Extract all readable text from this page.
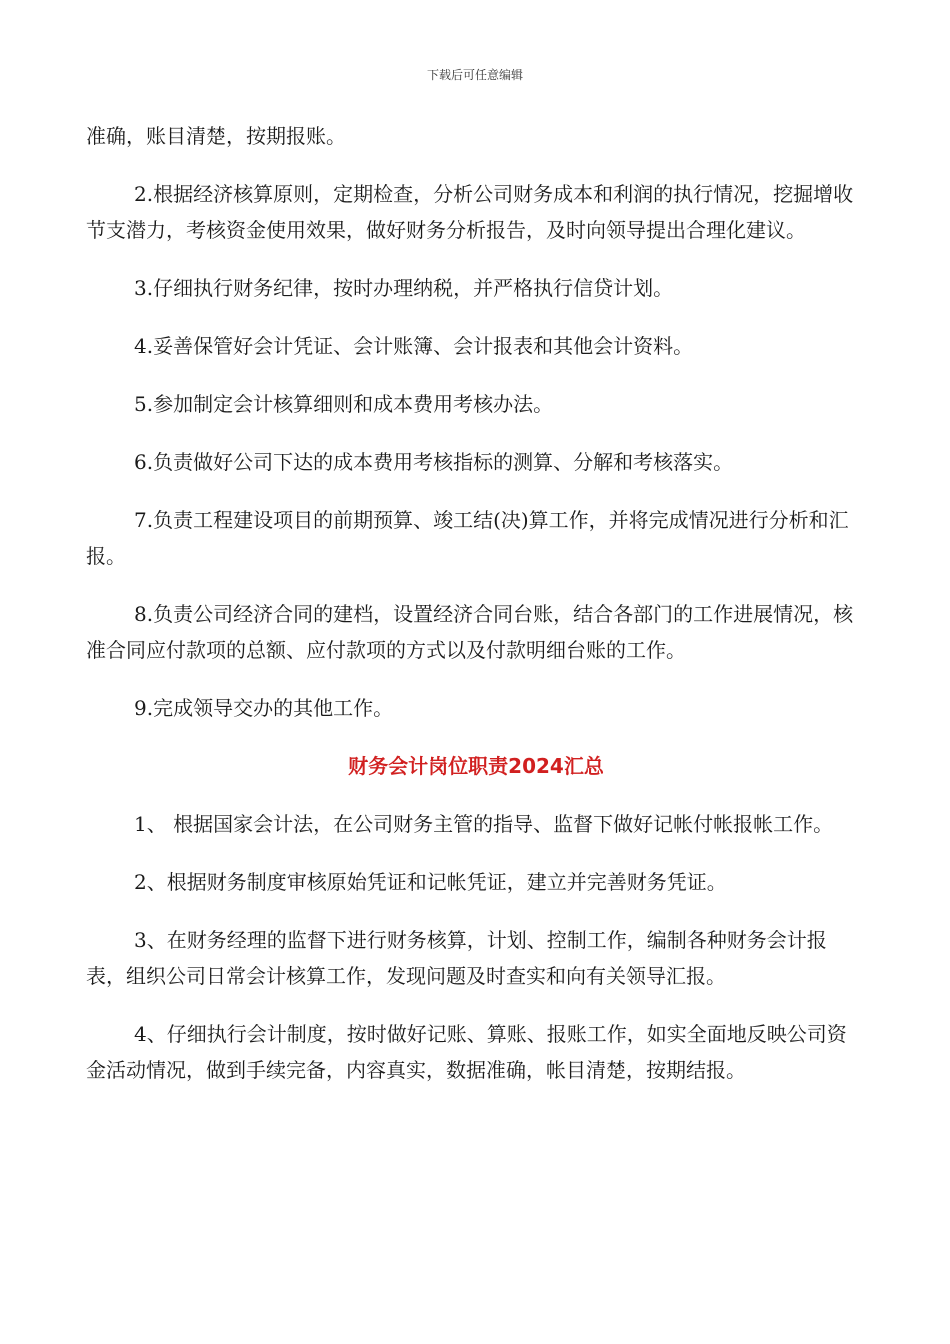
下载后可任意编辑

准确，账目清楚，按期报账。

2.根据经济核算原则，定期检查，分析公司财务成本和利润的执行情况，挖掘增收节支潜力，考核资金使用效果，做好财务分析报告，及时向领导提出合理化建议。

3.仔细执行财务纪律，按时办理纳税，并严格执行信贷计划。

4.妥善保管好会计凭证、会计账簿、会计报表和其他会计资料。

5.参加制定会计核算细则和成本费用考核办法。

6.负责做好公司下达的成本费用考核指标的测算、分解和考核落实。

7.负责工程建设项目的前期预算、竣工结(决)算工作，并将完成情况进行分析和汇报。

8.负责公司经济合同的建档，设置经济合同台账，结合各部门的工作进展情况，核准合同应付款项的总额、应付款项的方式以及付款明细台账的工作。

9.完成领导交办的其他工作。

财务会计岗位职责2024汇总

1、 根据国家会计法，在公司财务主管的指导、监督下做好记帐付帐报帐工作。

2、根据财务制度审核原始凭证和记帐凭证，建立并完善财务凭证。

3、在财务经理的监督下进行财务核算，计划、控制工作，编制各种财务会计报表，组织公司日常会计核算工作，发现问题及时查实和向有关领导汇报。

4、仔细执行会计制度，按时做好记账、算账、报账工作，如实全面地反映公司资金活动情况，做到手续完备，内容真实，数据准确，帐目清楚，按期结报。
